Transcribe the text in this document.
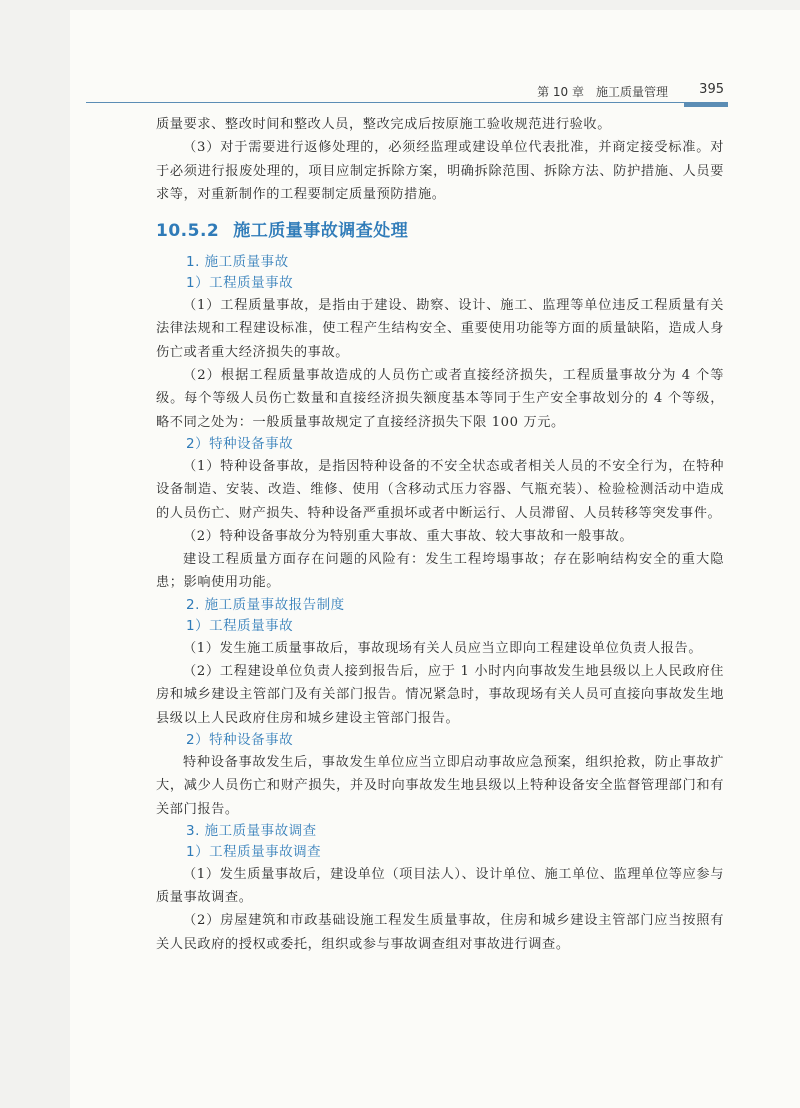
第 10 章　施工质量管理 395

质量要求、整改时间和整改人员，整改完成后按原施工验收规范进行验收。

（3）对于需要进行返修处理的，必须经监理或建设单位代表批准，并商定接受标准。对于必须进行报废处理的，项目应制定拆除方案，明确拆除范围、拆除方法、防护措施、人员要求等，对重新制作的工程要制定质量预防措施。

10.5.2 施工质量事故调查处理
1. 施工质量事故
1）工程质量事故

（1）工程质量事故，是指由于建设、勘察、设计、施工、监理等单位违反工程质量有关法律法规和工程建设标准，使工程产生结构安全、重要使用功能等方面的质量缺陷，造成人身伤亡或者重大经济损失的事故。

（2）根据工程质量事故造成的人员伤亡或者直接经济损失，工程质量事故分为 4 个等级。每个等级人员伤亡数量和直接经济损失额度基本等同于生产安全事故划分的 4 个等级，略不同之处为：一般质量事故规定了直接经济损失下限 100 万元。

2）特种设备事故

（1）特种设备事故，是指因特种设备的不安全状态或者相关人员的不安全行为，在特种设备制造、安装、改造、维修、使用（含移动式压力容器、气瓶充装）、检验检测活动中造成的人员伤亡、财产损失、特种设备严重损坏或者中断运行、人员滞留、人员转移等突发事件。

（2）特种设备事故分为特别重大事故、重大事故、较大事故和一般事故。

建设工程质量方面存在问题的风险有：发生工程垮塌事故；存在影响结构安全的重大隐患；影响使用功能。

2. 施工质量事故报告制度
1）工程质量事故

（1）发生施工质量事故后，事故现场有关人员应当立即向工程建设单位负责人报告。

（2）工程建设单位负责人接到报告后，应于 1 小时内向事故发生地县级以上人民政府住房和城乡建设主管部门及有关部门报告。情况紧急时，事故现场有关人员可直接向事故发生地县级以上人民政府住房和城乡建设主管部门报告。

2）特种设备事故

特种设备事故发生后，事故发生单位应当立即启动事故应急预案，组织抢救，防止事故扩大，减少人员伤亡和财产损失，并及时向事故发生地县级以上特种设备安全监督管理部门和有关部门报告。

3. 施工质量事故调查
1）工程质量事故调查

（1）发生质量事故后，建设单位（项目法人）、设计单位、施工单位、监理单位等应参与质量事故调查。

（2）房屋建筑和市政基础设施工程发生质量事故，住房和城乡建设主管部门应当按照有关人民政府的授权或委托，组织或参与事故调查组对事故进行调查。
